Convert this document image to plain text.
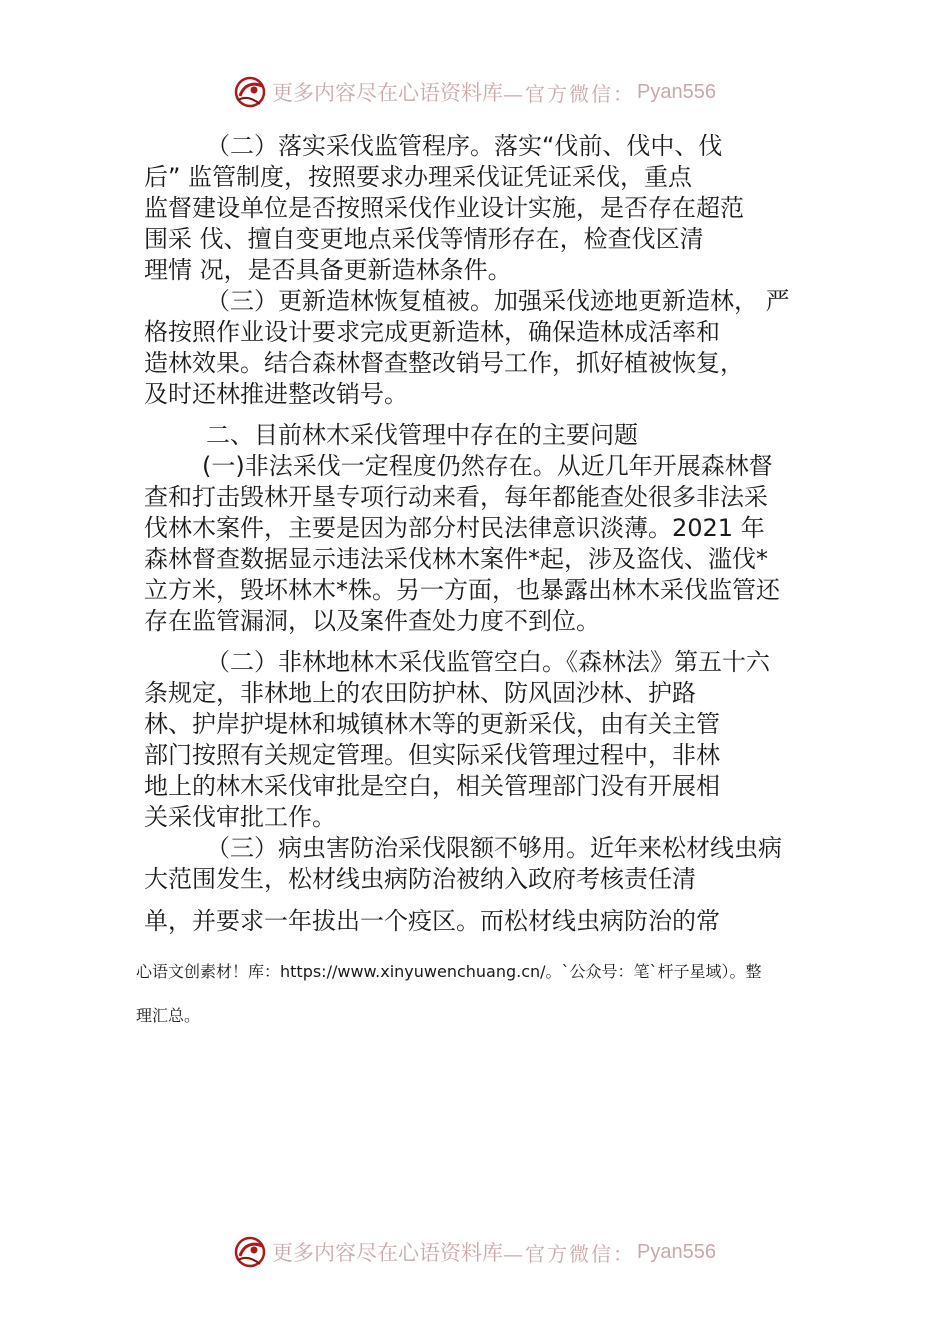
更多内容尽在心语资料库 —官方微信： Pyan556

（二）落实采伐监管程序。落实“伐前、伐中、伐
后” 监管制度，按照要求办理采伐证凭证采伐，重点
监督建设单位是否按照采伐作业设计实施，是否存在超范
围采 伐、擅自变更地点采伐等情形存在，检查伐区清
理情 况，是否具备更新造林条件。

（三）更新造林恢复植被。加强采伐迹地更新造林， 严
格按照作业设计要求完成更新造林，确保造林成活率和
造林效果。结合森林督查整改销号工作，抓好植被恢复，
及时还林推进整改销号。

二、目前林木采伐管理中存在的主要问题

(一)非法采伐一定程度仍然存在。从近几年开展森林督
查和打击毁林开垦专项行动来看，每年都能查处很多非法采
伐林木案件，主要是因为部分村民法律意识淡薄。2021 年
森林督查数据显示违法采伐林木案件*起，涉及盗伐、滥伐*
立方米，毁坏林木*株。另一方面，也暴露出林木采伐监管还
存在监管漏洞，以及案件查处力度不到位。

（二）非林地林木采伐监管空白。《森林法》第五十六
条规定，非林地上的农田防护林、防风固沙林、护路
林、护岸护堤林和城镇林木等的更新采伐，由有关主管
部门按照有关规定管理。但实际采伐管理过程中，非林
地上的林木采伐审批是空白，相关管理部门没有开展相
关采伐审批工作。

（三）病虫害防治采伐限额不够用。近年来松材线虫病
大范围发生，松材线虫病防治被纳入政府考核责任清
单，并要求一年拔出一个疫区。而松材线虫病防治的常

心语文创素材！库：https://www.xinyuwenchuang.cn/。`公众号：笔`杆子星域）。整
理汇总。
更多内容尽在心语资料库 —官方微信： Pyan556
